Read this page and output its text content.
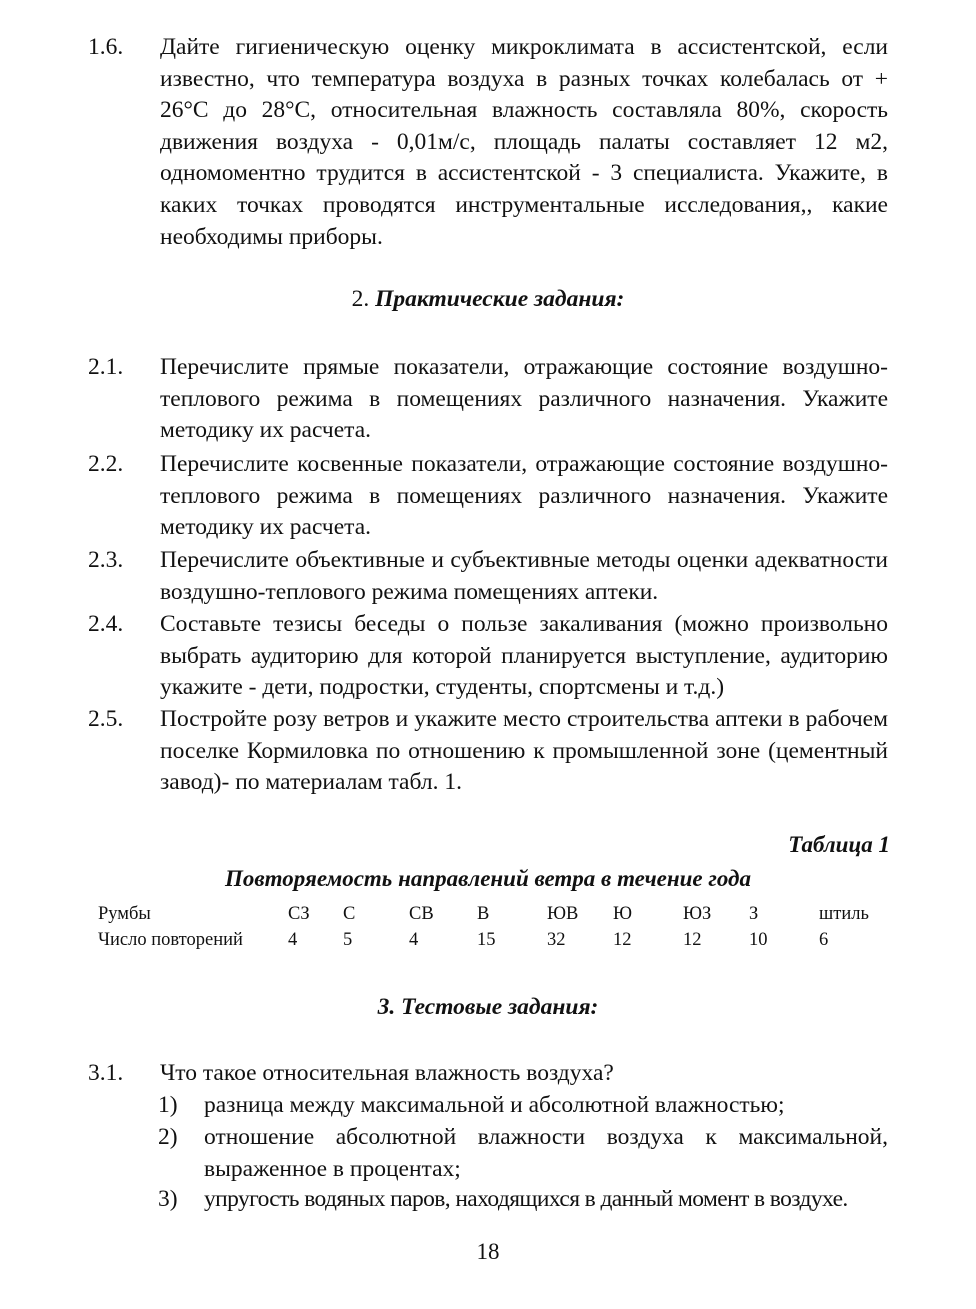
1.6. Дайте гигиеническую оценку микроклимата в ассистентской, если известно, что температура воздуха в разных точках колебалась от + 26°С до 28°С, относительная влажность составляла 80%, скорость движения воздуха - 0,01м/с, площадь палаты составляет 12 м2, одномоментно трудится в ассистентской - 3 специалиста. Укажите, в каких точках проводятся инструментальные исследования,, какие необходимы приборы.
2. Практические задания:
2.1. Перечислите прямые показатели, отражающие состояние воздушно-теплового режима в помещениях различного назначения. Укажите методику их расчета.
2.2. Перечислите косвенные показатели, отражающие состояние воздушно-теплового режима в помещениях различного назначения. Укажите методику их расчета.
2.3. Перечислите объективные и субъективные методы оценки адекватности воздушно-теплового режима помещениях аптеки.
2.4. Составьте тезисы беседы о пользе закаливания (можно произвольно выбрать аудиторию для которой планируется выступление, аудиторию укажите - дети, подростки, студенты, спортсмены и т.д.)
2.5. Постройте розу ветров и укажите место строительства аптеки в рабочем поселке Кормиловка по отношению к промышленной зоне (цементный завод)- по материалам табл. 1.
Таблица 1
Повторяемость направлений ветра в течение года
Румбы	СЗ	С	СВ	В	ЮВ	Ю	ЮЗ	З	штиль
Число повторений	4	5	4	15	32	12	12	10	6
3. Тестовые задания:
3.1. Что такое относительная влажность воздуха?
1) разница между максимальной и абсолютной влажностью;
2) отношение абсолютной влажности воздуха к максимальной, выраженное в процентах;
3) упругость водяных паров, находящихся в данный момент в воздухе.
18
